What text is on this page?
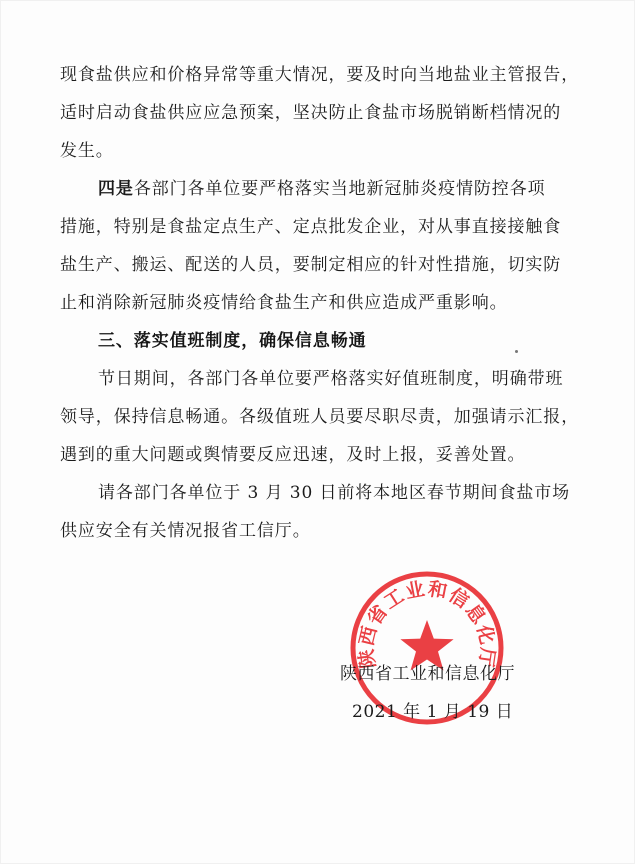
现食盐供应和价格异常等重大情况，要及时向当地盐业主管报告，
适时启动食盐供应应急预案，坚决防止食盐市场脱销断档情况的
发生。
四是各部门各单位要严格落实当地新冠肺炎疫情防控各项
措施，特别是食盐定点生产、定点批发企业，对从事直接接触食
盐生产、搬运、配送的人员，要制定相应的针对性措施，切实防
止和消除新冠肺炎疫情给食盐生产和供应造成严重影响。
三、落实值班制度，确保信息畅通
节日期间，各部门各单位要严格落实好值班制度，明确带班
领导，保持信息畅通。各级值班人员要尽职尽责，加强请示汇报，
遇到的重大问题或舆情要反应迅速，及时上报，妥善处置。
请各部门各单位于 3 月 30 日前将本地区春节期间食盐市场
供应安全有关情况报省工信厅。
陕西省工业和信息化厅
陕西省工业和信息化厅
2021 年 1 月 19 日
